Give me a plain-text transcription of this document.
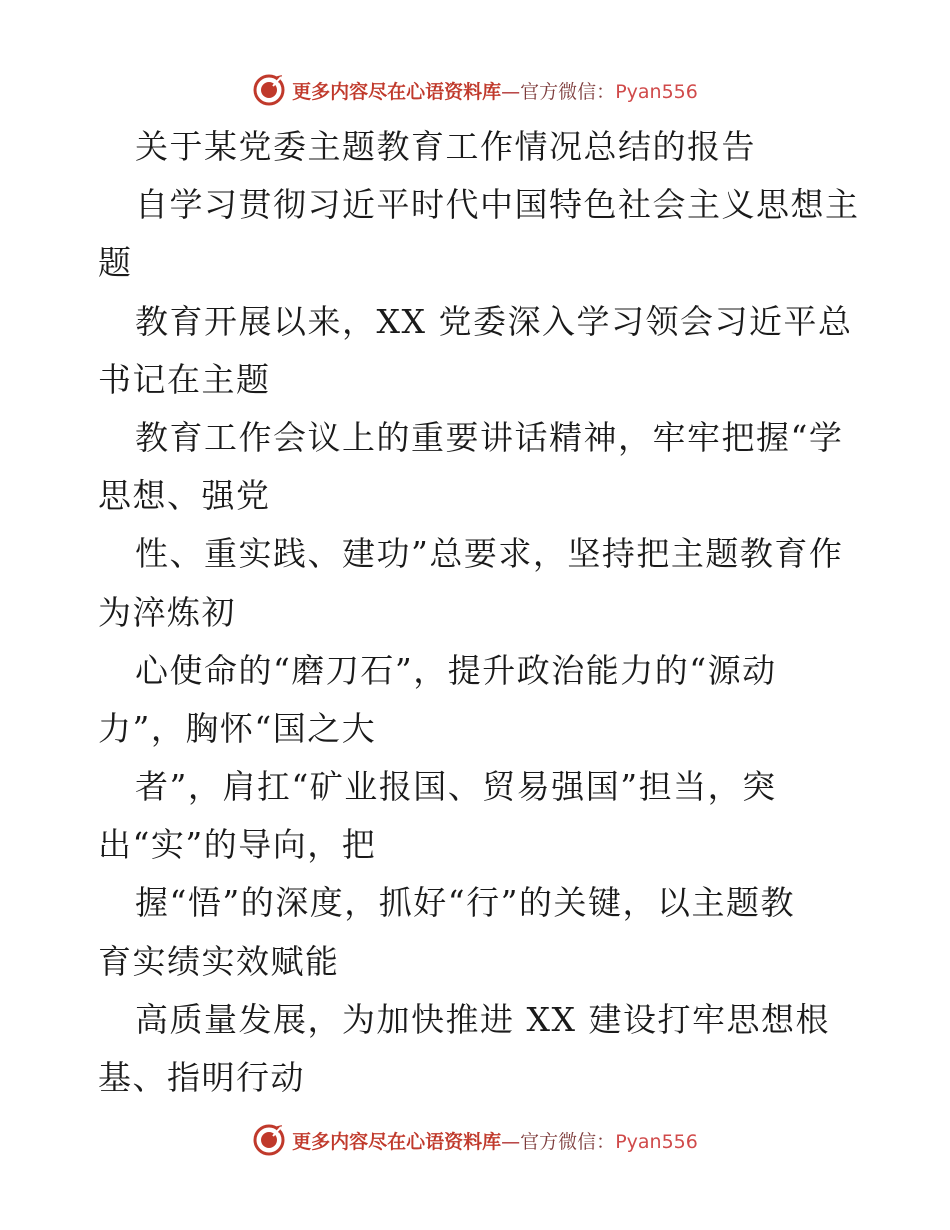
更多内容尽在心语资料库—官方微信：Pyan556
关于某党委主题教育工作情况总结的报告
自学习贯彻习近平时代中国特色社会主义思想主
题
教育开展以来，XX 党委深入学习领会习近平总
书记在主题
教育工作会议上的重要讲话精神，牢牢把握“学
思想、强党
性、重实践、建功”总要求，坚持把主题教育作
为淬炼初
心使命的“磨刀石”，提升政治能力的“源动
力”，胸怀“国之大
者”，肩扛“矿业报国、贸易强国”担当，突
出“实”的导向，把
握“悟”的深度，抓好“行”的关键，以主题教
育实绩实效赋能
高质量发展，为加快推进 XX 建设打牢思想根
基、指明行动
更多内容尽在心语资料库—官方微信：Pyan556
